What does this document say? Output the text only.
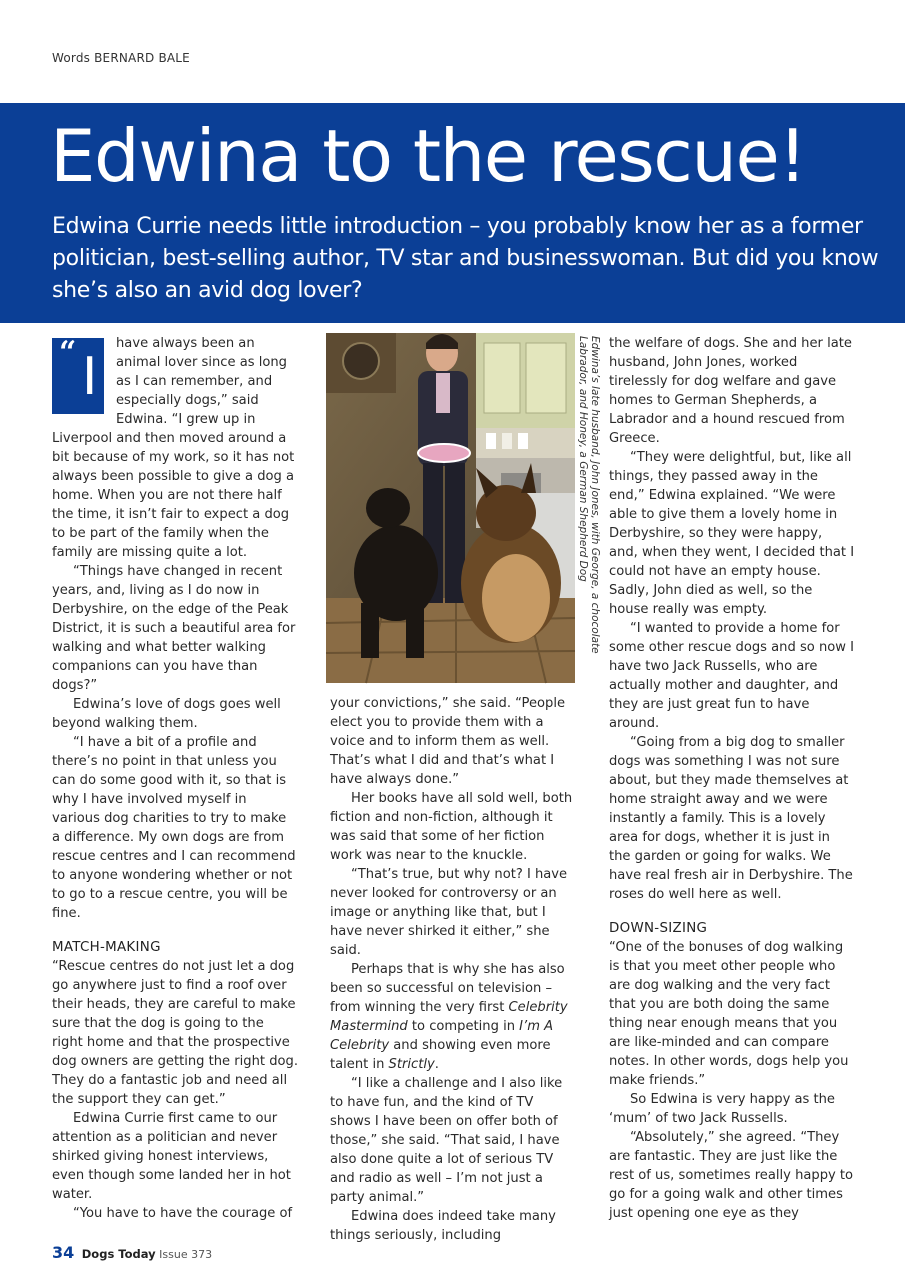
Words BERNARD BALE
Edwina to the rescue!

Edwina Currie needs little introduction – you probably know her as a former politician, best-selling author, TV star and businesswoman. But did you know she’s also an avid dog lover?

“ I

have always been an animal lover since as long as I can remember, and especially dogs,” said Edwina. “I grew up in Liverpool and then moved around a bit because of my work, so it has not always been possible to give a dog a home. When you are not there half the time, it isn’t fair to expect a dog to be part of the family when the family are missing quite a lot.

“Things have changed in recent years, and, living as I do now in Derbyshire, on the edge of the Peak District, it is such a beautiful area for walking and what better walking companions can you have than dogs?”

Edwina’s love of dogs goes well beyond walking them.

“I have a bit of a profile and there’s no point in that unless you can do some good with it, so that is why I have involved myself in various dog charities to try to make a difference. My own dogs are from rescue centres and I can recommend to anyone wondering whether or not to go to a rescue centre, you will be fine.

MATCH-MAKING

“Rescue centres do not just let a dog go anywhere just to find a roof over their heads, they are careful to make sure that the dog is going to the right home and that the prospective dog owners are getting the right dog. They do a fantastic job and need all the support they can get.”

Edwina Currie first came to our attention as a politician and never shirked giving honest interviews, even though some landed her in hot water.

“You have to have the courage of

Edwina’s late husband, John Jones, with George, a chocolate Labrador, and Honey, a German Shepherd Dog

your convictions,” she said. “People elect you to provide them with a voice and to inform them as well. That’s what I did and that’s what I have always done.”

Her books have all sold well, both fiction and non-fiction, although it was said that some of her fiction work was near to the knuckle.

“That’s true, but why not? I have never looked for controversy or an image or anything like that, but I have never shirked it either,” she said.

Perhaps that is why she has also been so successful on television – from winning the very first Celebrity Mastermind to competing in I’m A Celebrity and showing even more talent in Strictly.

“I like a challenge and I also like to have fun, and the kind of TV shows I have been on offer both of those,” she said. “That said, I have also done quite a lot of serious TV and radio as well – I’m not just a party animal.”

Edwina does indeed take many things seriously, including

the welfare of dogs. She and her late husband, John Jones, worked tirelessly for dog welfare and gave homes to German Shepherds, a Labrador and a hound rescued from Greece.

“They were delightful, but, like all things, they passed away in the end,” Edwina explained. “We were able to give them a lovely home in Derbyshire, so they were happy, and, when they went, I decided that I could not have an empty house. Sadly, John died as well, so the house really was empty.

“I wanted to provide a home for some other rescue dogs and so now I have two Jack Russells, who are actually mother and daughter, and they are just great fun to have around.

“Going from a big dog to smaller dogs was something I was not sure about, but they made themselves at home straight away and we were instantly a family. This is a lovely area for dogs, whether it is just in the garden or going for walks. We have real fresh air in Derbyshire. The roses do well here as well.

DOWN-SIZING

“One of the bonuses of dog walking is that you meet other people who are dog walking and the very fact that you are both doing the same thing near enough means that you are like-minded and can compare notes. In other words, dogs help you make friends.”

So Edwina is very happy as the ‘mum’ of two Jack Russells.

“Absolutely,” she agreed. “They are fantastic. They are just like the rest of us, sometimes really happy to go for a going walk and other times just opening one eye as they

34 Dogs Today Issue 373
